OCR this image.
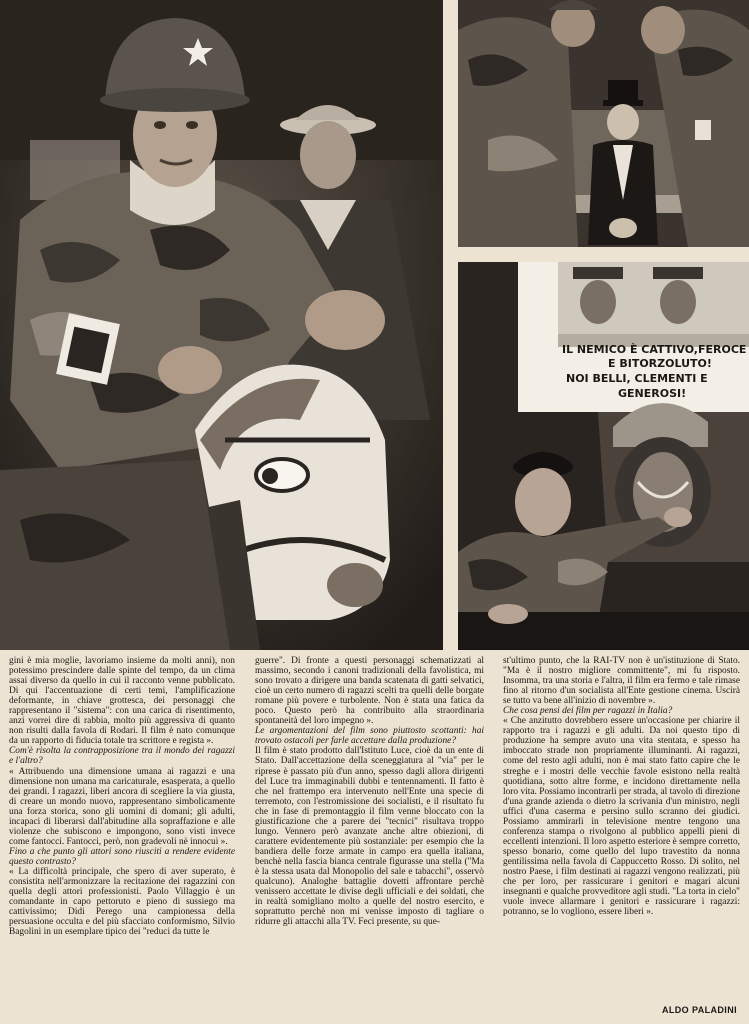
IL NEMICO È CATTIVO,FEROCE
E BITORZOLUTO!
NOI BELLI, CLEMENTI E
GENEROSI!

gini è mia moglie, lavoriamo insieme da molti anni), non potessimo prescindere dalle spinte del tempo, da un clima assai diverso da quello in cui il racconto venne pubblicato. Di qui l'accentuazione di certi temi, l'amplificazione deformante, in chiave grottesca, dei personaggi che rappresentano il "sistema": con una carica di risentimento, anzi vorrei dire di rabbia, molto più aggressiva di quanto non risulti dalla favola di Rodari. Il film è nato comunque da un rapporto di fiducia totale tra scrittore e regista ».

Com'è risolta la contrapposizione tra il mondo dei ragazzi e l'altro?

« Attribuendo una dimensione umana ai ragazzi e una dimensione non umana ma caricaturale, esasperata, a quello dei grandi. I ragazzi, liberi ancora di scegliere la via giusta, di creare un mondo nuovo, rappresentano simbolicamente una forza storica, sono gli uomini di domani; gli adulti, incapaci di liberarsi dall'abitudine alla sopraffazione e alle violenze che subiscono e impongono, sono visti invece come fantocci. Fantocci, però, non gradevoli nè innocui ».

Fino a che punto gli attori sono riusciti a rendere evidente questo contrasto?

« La difficoltà principale, che spero di aver superato, è consistita nell'armonizzare la recitazione dei ragazzini con quella degli attori professionisti. Paolo Villaggio è un comandante in capo pettoruto e pieno di sussiego ma cattivissimo; Didi Perego una campionessa della persuasione occulta e del più sfacciato conformismo, Silvio Bagolini in un esemplare tipico dei "reduci da tutte le

guerre". Di fronte a questi personaggi schematizzati al massimo, secondo i canoni tradizionali della favolistica, mi sono trovato a dirigere una banda scatenata di gatti selvatici, cioè un certo numero di ragazzi scelti tra quelli delle borgate romane più povere e turbolente. Non è stata una fatica da poco. Questo però ha contribuito alla straordinaria spontaneità del loro impegno ».

Le argomentazioni del film sono piuttosto scottanti: hai trovato ostacoli per farle accettare dalla produzione?

Il film è stato prodotto dall'Istituto Luce, cioè da un ente di Stato. Dall'accettazione della sceneggiatura al "via" per le riprese è passato più d'un anno, spesso dagli allora dirigenti del Luce tra immaginabili dubbi e tentennamenti. Il fatto è che nel frattempo era intervenuto nell'Ente una specie di terremoto, con l'estromissione dei socialisti, e il risultato fu che in fase di premontaggio il film venne bloccato con la giustificazione che a parere dei "tecnici" risultava troppo lungo. Vennero però avanzate anche altre obiezioni, di carattere evidentemente più sostanziale: per esempio che la bandiera delle forze armate in campo era quella italiana, benchè nella fascia bianca centrale figurasse una stella ("Ma è la stessa usata dal Monopolio del sale e tabacchi", osservò qualcuno). Analoghe battaglie dovetti affrontare perchè venissero accettate le divise degli ufficiali e dei soldati, che in realtà somigliano molto a quelle del nostro esercito, e soprattutto perchè non mi venisse imposto di tagliare o ridurre gli attacchi alla TV. Feci presente, su que-

st'ultimo punto, che la RAI-TV non è un'istituzione di Stato. "Ma è il nostro migliore committente", mi fu risposto. Insomma, tra una storia e l'altra, il film era fermo e tale rimase fino al ritorno d'un socialista all'Ente gestione cinema. Uscirà se tutto va bene all'inizio di novembre ».

Che cosa pensi dei film per ragazzi in Italia?

« Che anzitutto dovrebbero essere un'occasione per chiarire il rapporto tra i ragazzi e gli adulti. Da noi questo tipo di produzione ha sempre avuto una vita stentata, e spesso ha imboccato strade non propriamente illuminanti. Ai ragazzi, come del resto agli adulti, non è mai stato fatto capire che le streghe e i mostri delle vecchie favole esistono nella realtà quotidiana, sotto altre forme, e incidono direttamente nella loro vita. Possiamo incontrarli per strada, al tavolo di direzione d'una grande azienda o dietro la scrivania d'un ministro, negli uffici d'una caserma e persino sullo scranno dei giudici. Possiamo ammirarli in televisione mentre tengono una conferenza stampa o rivolgono al pubblico appelli pieni di eccellenti intenzioni. Il loro aspetto esteriore è sempre corretto, spesso bonario, come quello del lupo travestito da nonna gentilissima nella favola di Cappuccetto Rosso. Di solito, nel nostro Paese, i film destinati ai ragazzi vengono realizzati, più che per loro, per rassicurare i genitori e magari alcuni insegnanti e qualche provveditore agli studi. "La torta in cielo" vuole invece allarmare i genitori e rassicurare i ragazzi: potranno, se lo vogliono, essere liberi ».

ALDO PALADINI
